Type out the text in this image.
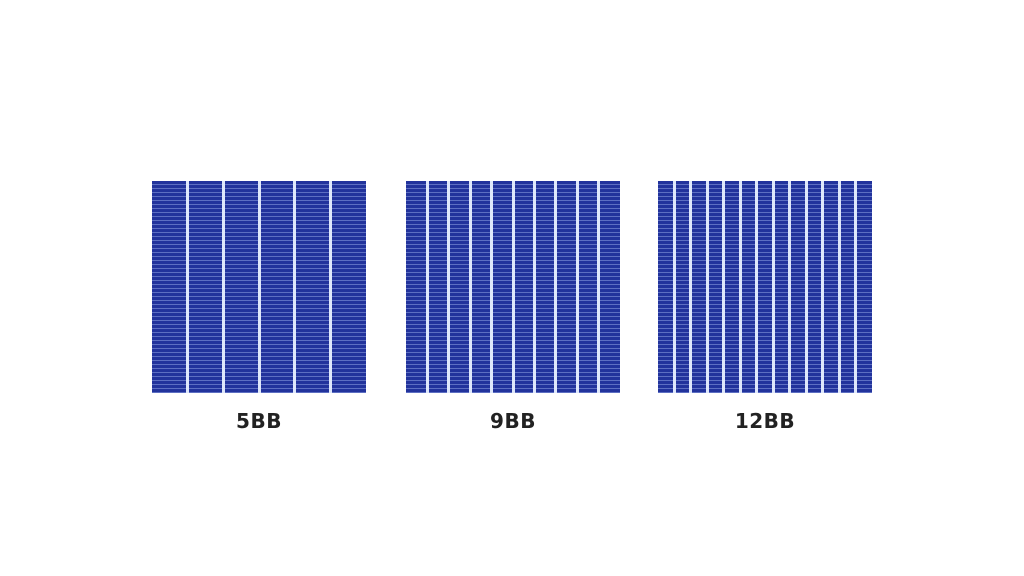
5BB	9BB	12BB
